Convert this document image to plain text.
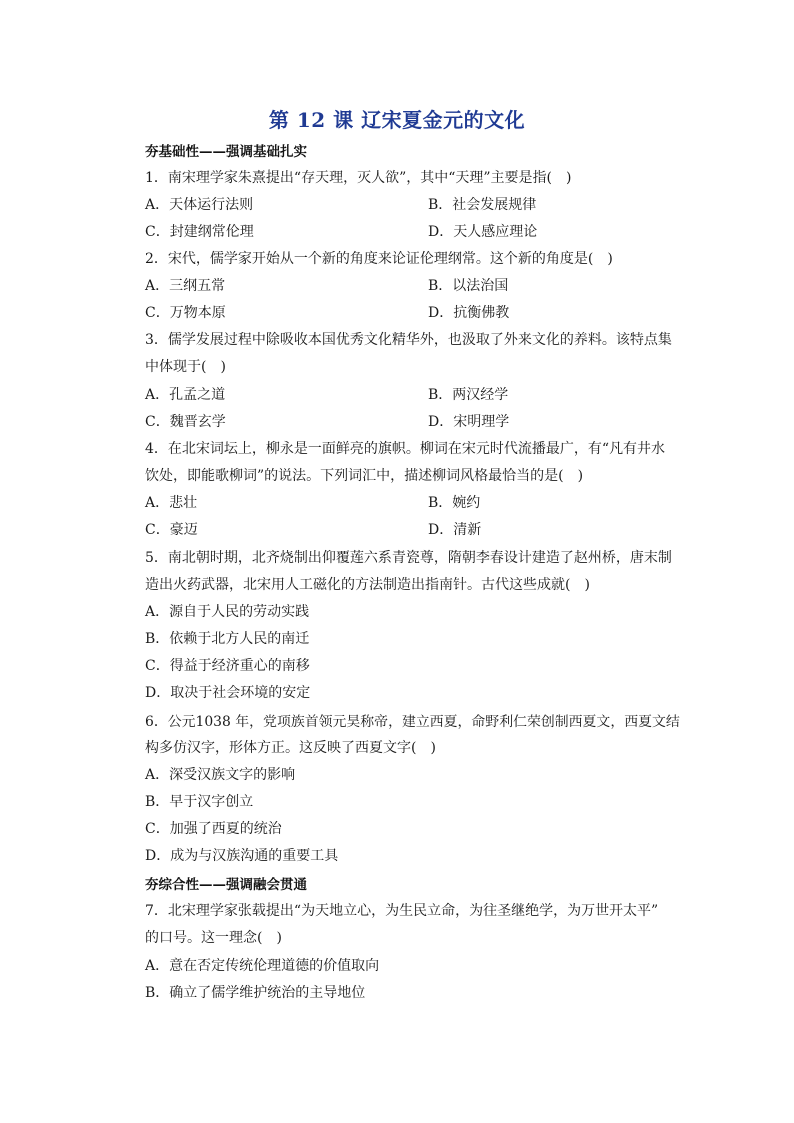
第 12 课 辽宋夏金元的文化
夯基础性——强调基础扎实
1．南宋理学家朱熹提出“存天理，灭人欲”，其中“天理”主要是指(　)
A．天体运行法则	B．社会发展规律
C．封建纲常伦理	D．天人感应理论
2．宋代，儒学家开始从一个新的角度来论证伦理纲常。这个新的角度是(　)
A．三纲五常	B．以法治国
C．万物本原	D．抗衡佛教
3．儒学发展过程中除吸收本国优秀文化精华外，也汲取了外来文化的养料。该特点集
中体现于(　)
A．孔孟之道	B．两汉经学
C．魏晋玄学	D．宋明理学
4．在北宋词坛上，柳永是一面鲜亮的旗帜。柳词在宋元时代流播最广，有“凡有井水
饮处，即能歌柳词”的说法。下列词汇中，描述柳词风格最恰当的是(　)
A．悲壮	B．婉约
C．豪迈	D．清新
5．南北朝时期，北齐烧制出仰覆莲六系青瓷尊，隋朝李春设计建造了赵州桥，唐末制
造出火药武器，北宋用人工磁化的方法制造出指南针。古代这些成就(　)
A．源自于人民的劳动实践
B．依赖于北方人民的南迁
C．得益于经济重心的南移
D．取决于社会环境的安定
6．公元1038 年，党项族首领元昊称帝，建立西夏，命野利仁荣创制西夏文，西夏文结
构多仿汉字，形体方正。这反映了西夏文字(　)
A．深受汉族文字的影响
B．早于汉字创立
C．加强了西夏的统治
D．成为与汉族沟通的重要工具
夯综合性——强调融会贯通
7．北宋理学家张载提出“为天地立心，为生民立命，为往圣继绝学，为万世开太平”
的口号。这一理念(　)
A．意在否定传统伦理道德的价值取向
B．确立了儒学维护统治的主导地位
